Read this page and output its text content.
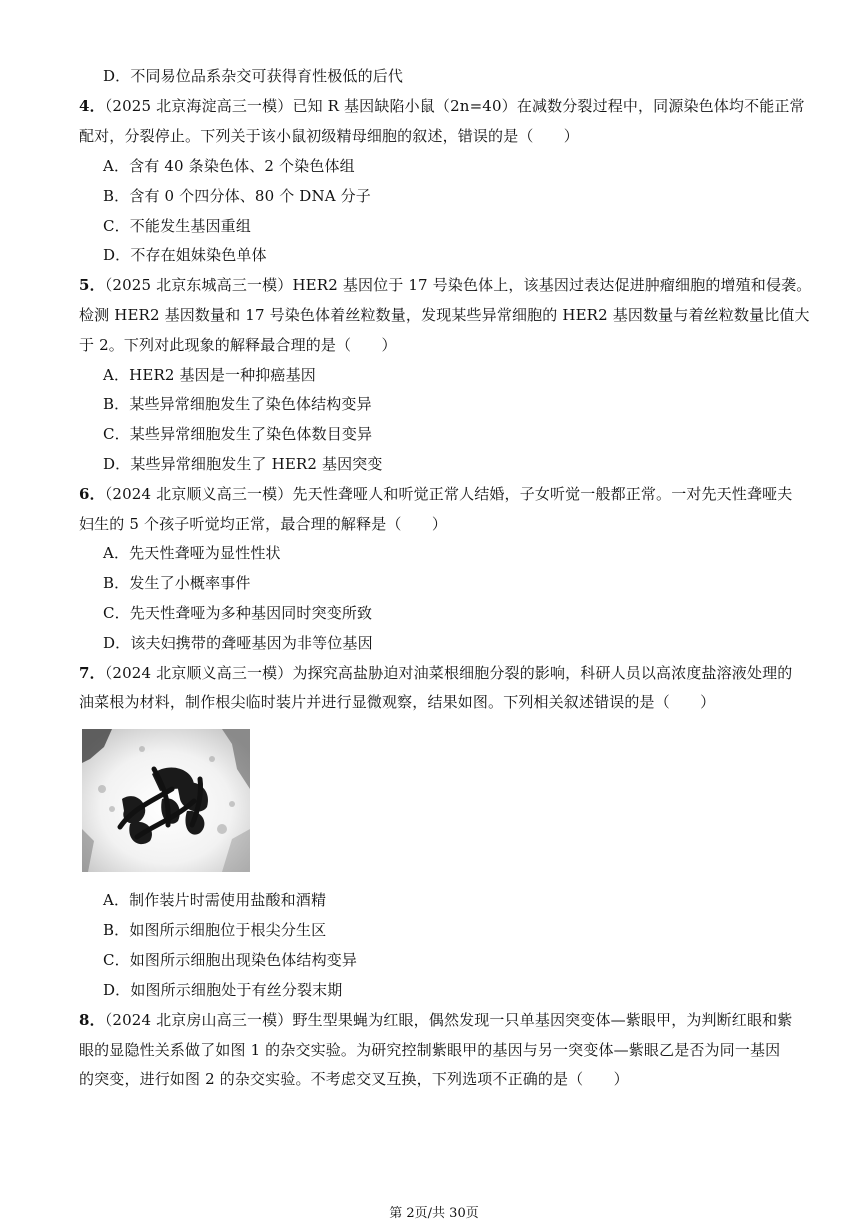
D．不同易位品系杂交可获得育性极低的后代
4．（2025 北京海淀高三一模）已知 R 基因缺陷小鼠（2n=40）在减数分裂过程中，同源染色体均不能正常
配对，分裂停止。下列关于该小鼠初级精母细胞的叙述，错误的是（　　）
A．含有 40 条染色体、2 个染色体组
B．含有 0 个四分体、80 个 DNA 分子
C．不能发生基因重组
D．不存在姐妹染色单体
5．（2025 北京东城高三一模）HER2 基因位于 17 号染色体上，该基因过表达促进肿瘤细胞的增殖和侵袭。
检测 HER2 基因数量和 17 号染色体着丝粒数量，发现某些异常细胞的 HER2 基因数量与着丝粒数量比值大
于 2。下列对此现象的解释最合理的是（　　）
A．HER2 基因是一种抑癌基因
B．某些异常细胞发生了染色体结构变异
C．某些异常细胞发生了染色体数目变异
D．某些异常细胞发生了 HER2 基因突变
6．（2024 北京顺义高三一模）先天性聋哑人和听觉正常人结婚，子女听觉一般都正常。一对先天性聋哑夫
妇生的 5 个孩子听觉均正常，最合理的解释是（　　）
A．先天性聋哑为显性性状
B．发生了小概率事件
C．先天性聋哑为多种基因同时突变所致
D．该夫妇携带的聋哑基因为非等位基因
7．（2024 北京顺义高三一模）为探究高盐胁迫对油菜根细胞分裂的影响，科研人员以高浓度盐溶液处理的
油菜根为材料，制作根尖临时装片并进行显微观察，结果如图。下列相关叙述错误的是（　　）
A．制作装片时需使用盐酸和酒精
B．如图所示细胞位于根尖分生区
C．如图所示细胞出现染色体结构变异
D．如图所示细胞处于有丝分裂末期
8．（2024 北京房山高三一模）野生型果蝇为红眼，偶然发现一只单基因突变体—紫眼甲，为判断红眼和紫
眼的显隐性关系做了如图 1 的杂交实验。为研究控制紫眼甲的基因与另一突变体—紫眼乙是否为同一基因
的突变，进行如图 2 的杂交实验。不考虑交叉互换，下列选项不正确的是（　　）
第 2页/共 30页
